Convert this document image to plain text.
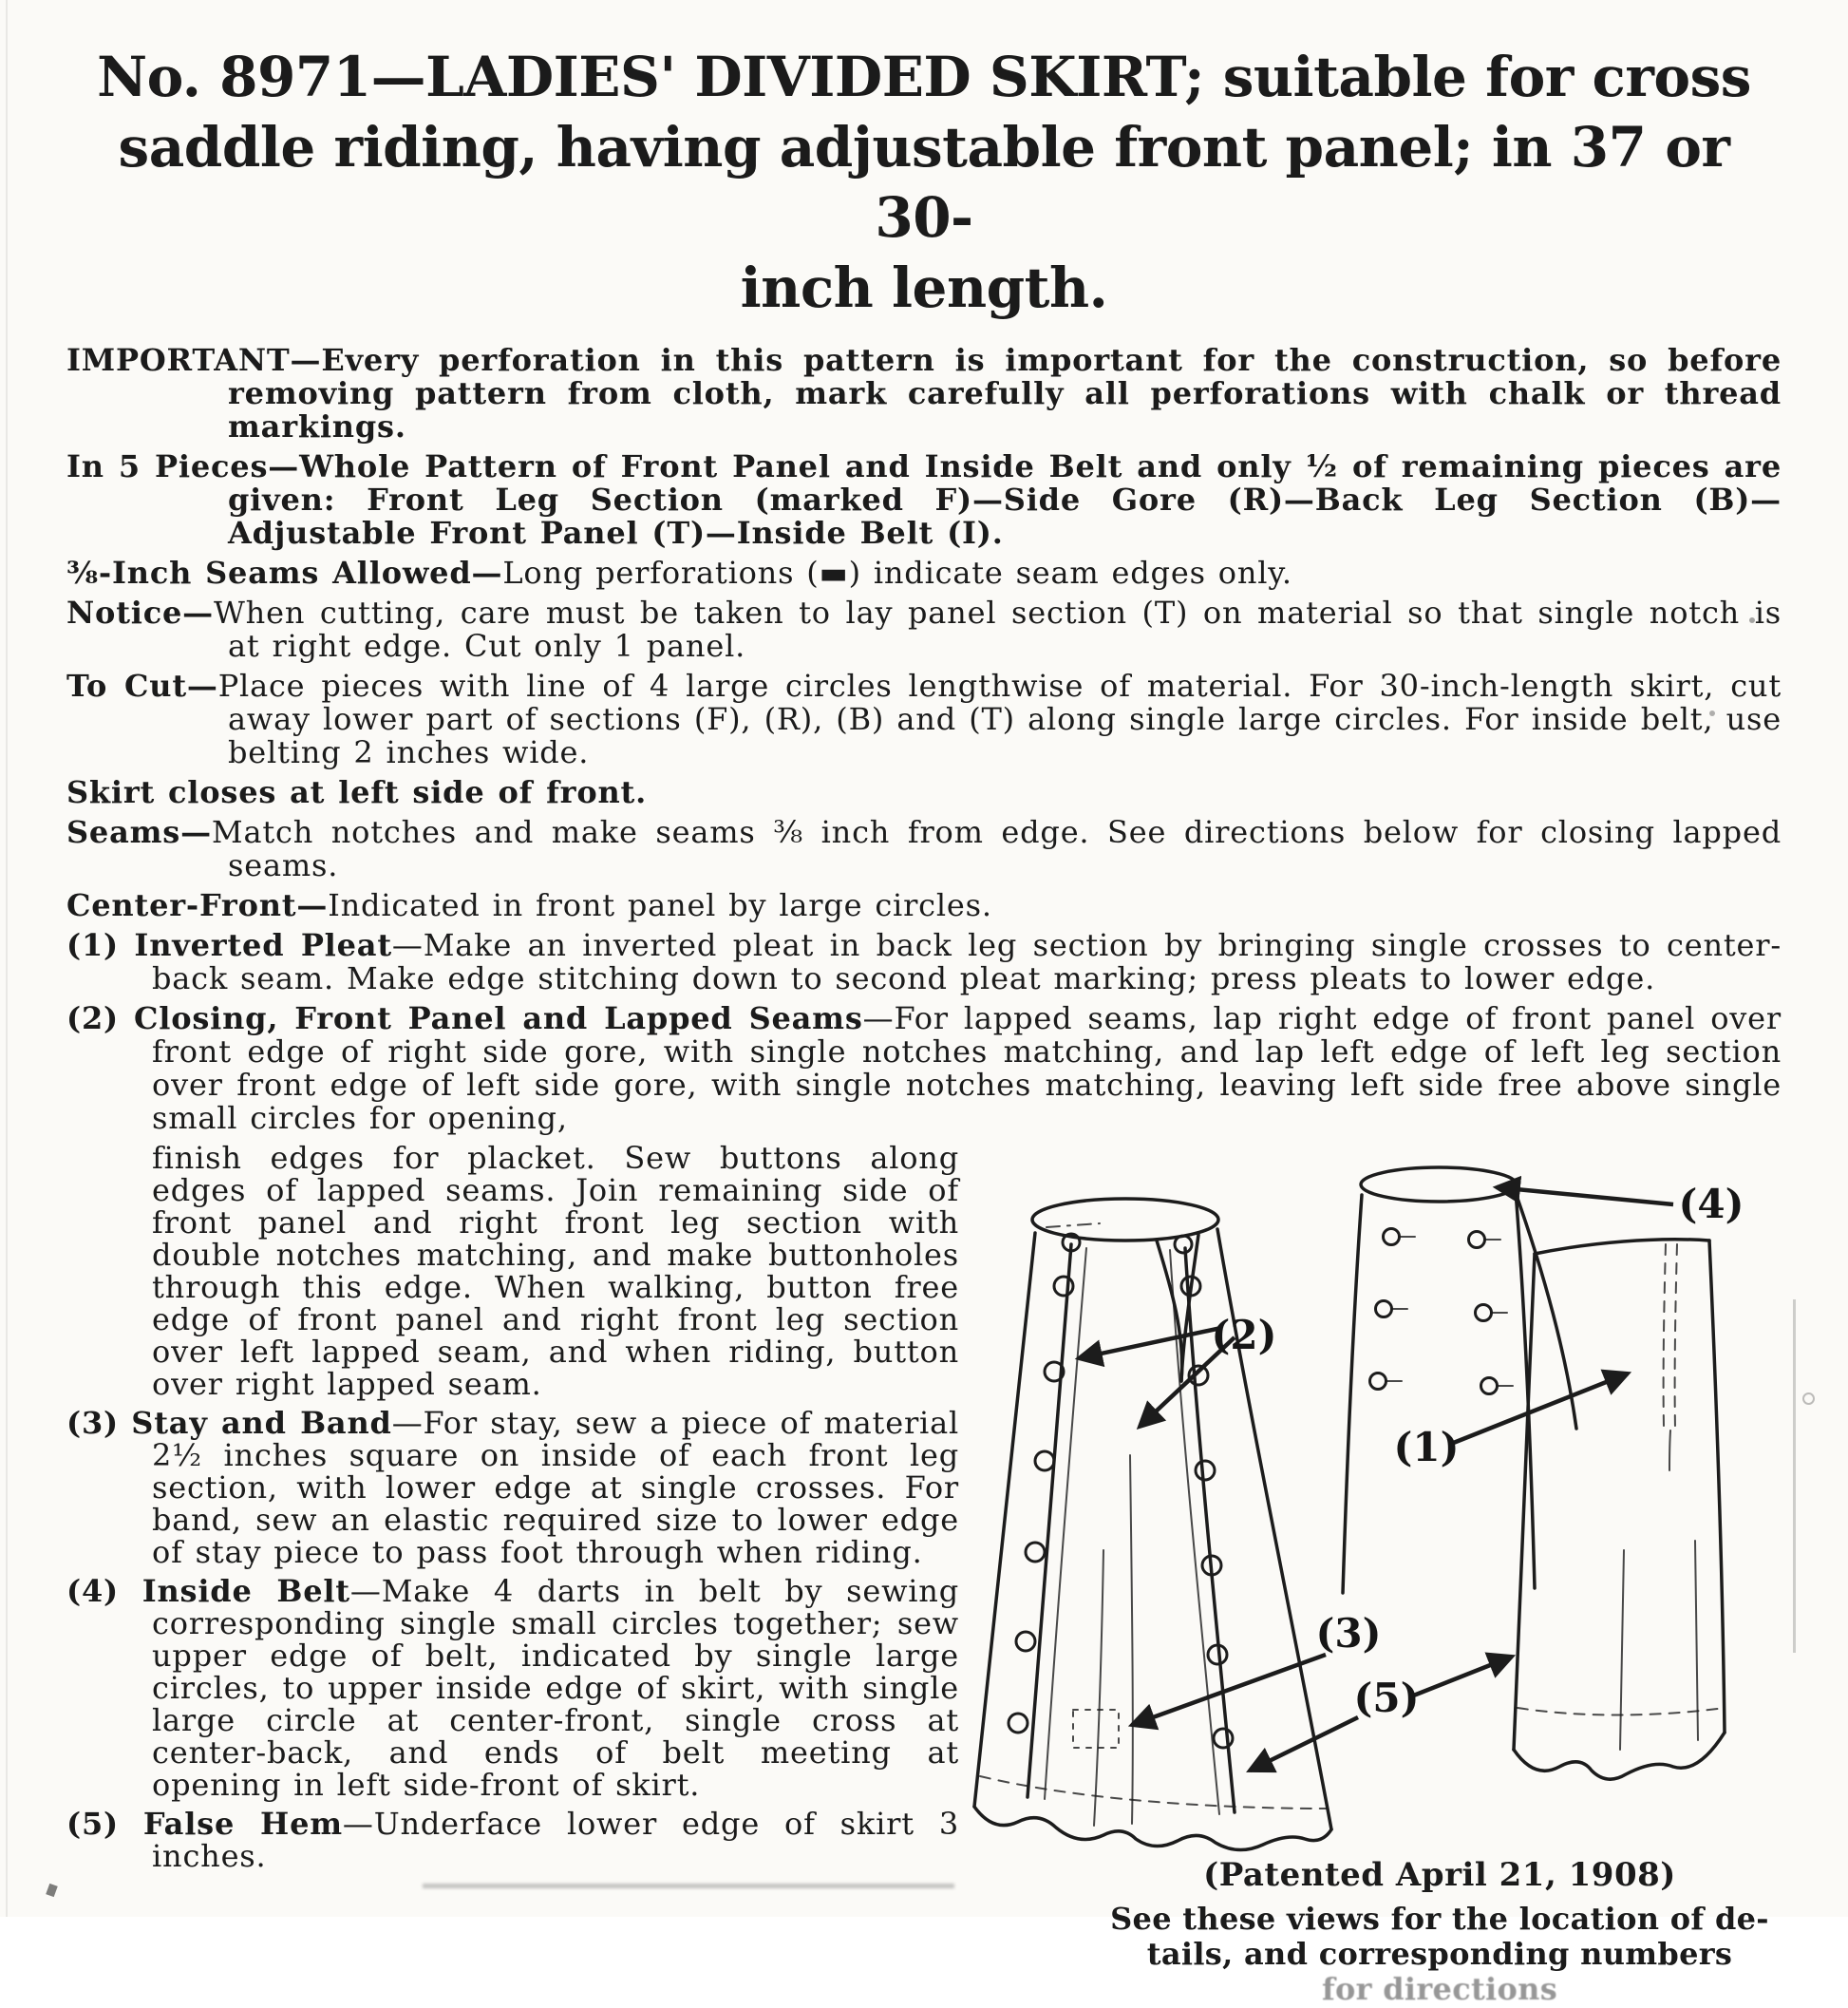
No. 8971—LADIES' DIVIDED SKIRT; suitable for cross
saddle riding, having adjustable front panel; in 37 or 30-
inch length.

IMPORTANT—Every perforation in this pattern is important for the construction, so before removing pattern from cloth, mark carefully all perforations with chalk or thread markings.

In 5 Pieces—Whole Pattern of Front Panel and Inside Belt and only ½ of remaining pieces are given: Front Leg Section (marked F)—Side Gore (R)—Back Leg Section (B)—Adjustable Front Panel (T)—Inside Belt (I).

⅜-Inch Seams Allowed—Long perforations (▬) indicate seam edges only.

Notice—When cutting, care must be taken to lay panel section (T) on material so that single notch is at right edge. Cut only 1 panel.

To Cut—Place pieces with line of 4 large circles lengthwise of material. For 30-inch-length skirt, cut away lower part of sections (F), (R), (B) and (T) along single large circles. For inside belt, use belting 2 inches wide.

Skirt closes at left side of front.

Seams—Match notches and make seams ⅜ inch from edge. See directions below for closing lapped seams.

Center-Front—Indicated in front panel by large circles.

(1) Inverted Pleat—Make an inverted pleat in back leg section by bringing single crosses to center-back seam. Make edge stitching down to second pleat marking; press pleats to lower edge.

(2) Closing, Front Panel and Lapped Seams—For lapped seams, lap right edge of front panel over front edge of right side gore, with single notches matching, and lap left edge of left leg section over front edge of left side gore, with single notches matching, leaving left side free above single small circles for opening,

finish edges for placket. Sew buttons along edges of lapped seams. Join remaining side of front panel and right front leg section with double notches matching, and make buttonholes through this edge. When walking, button free edge of front panel and right front leg section over left lapped seam, and when riding, button over right lapped seam.

(3) Stay and Band—For stay, sew a piece of material 2½ inches square on inside of each front leg section, with lower edge at single crosses. For band, sew an elastic required size to lower edge of stay piece to pass foot through when riding.

(4) Inside Belt—Make 4 darts in belt by sewing corresponding single small circles together; sew upper edge of belt, indicated by single large circles, to upper inside edge of skirt, with single large circle at center-front, single cross at center-back, and ends of belt meeting at opening in left side-front of skirt.

(5) False Hem—Underface lower edge of skirt 3 inches.

(2)
(4)
(1)
(3)
(5)
(Patented April 21, 1908)
See these views for the location of de-
tails, and corresponding numbers
for directions
